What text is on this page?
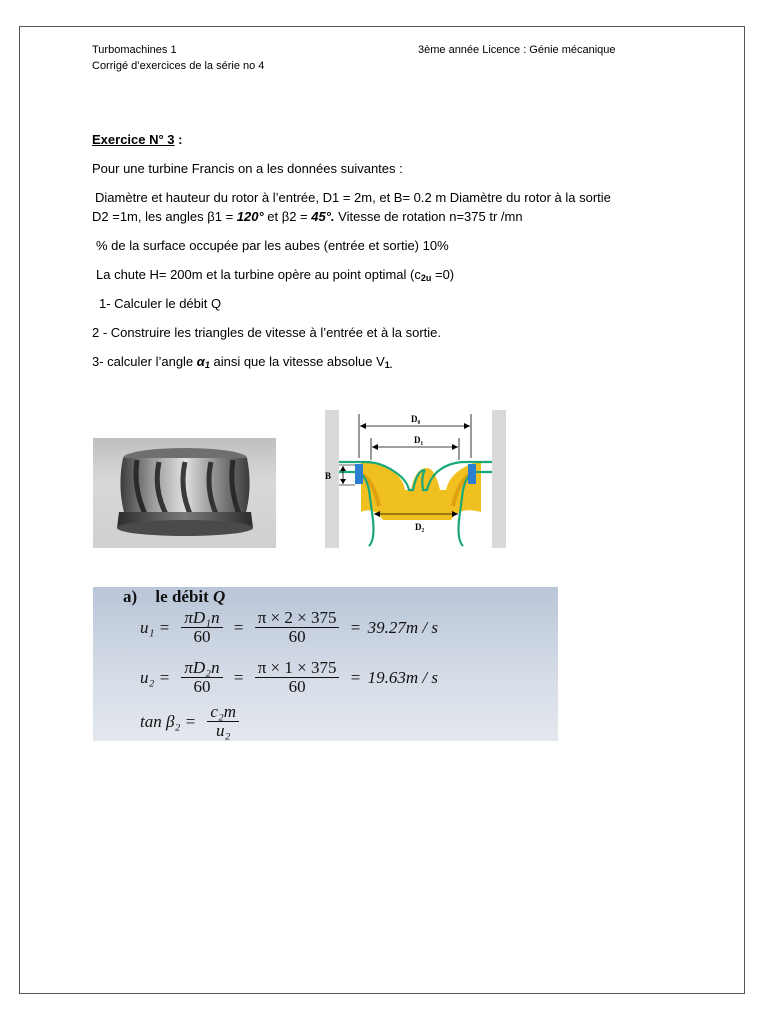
Turbomachines 1
Corrigé d’exercices de la série no 4
3ème année Licence : Génie mécanique
Exercice N° 3 :
Pour une turbine Francis on a les données suivantes :
Diamètre et hauteur du rotor à l’entrée, D1 = 2m, et B= 0.2 m Diamètre du rotor à la sortie
D2 =1m, les angles β1 = 120° et β2 = 45°. Vitesse de rotation n=375 tr /mn
% de la surface occupée par les aubes (entrée et sortie) 10%
La chute H= 200m et la turbine opère au point optimal $(c_{2u} =0)$
1- Calculer le débit Q
2 - Construire les triangles de vitesse à l’entrée et à la sortie.
3- calculer l’angle $\alpha_1$ ainsi que la vitesse absolue $V_{1.}$
D₀
D₁
B
D₂
a) le débit Q
$u_1 = \frac{\text{πD₁n}}{60} = \frac{\pi \times 2 \times 375}{60} = 39.27m / s$
$u_2 = \frac{\text{πD₂n}}{60} = \frac{\pi \times 1 \times 375}{60} = 19.63m / s$
$\tan \beta_2 = \frac{\text{c₂m}}{\text{u₂}}$
